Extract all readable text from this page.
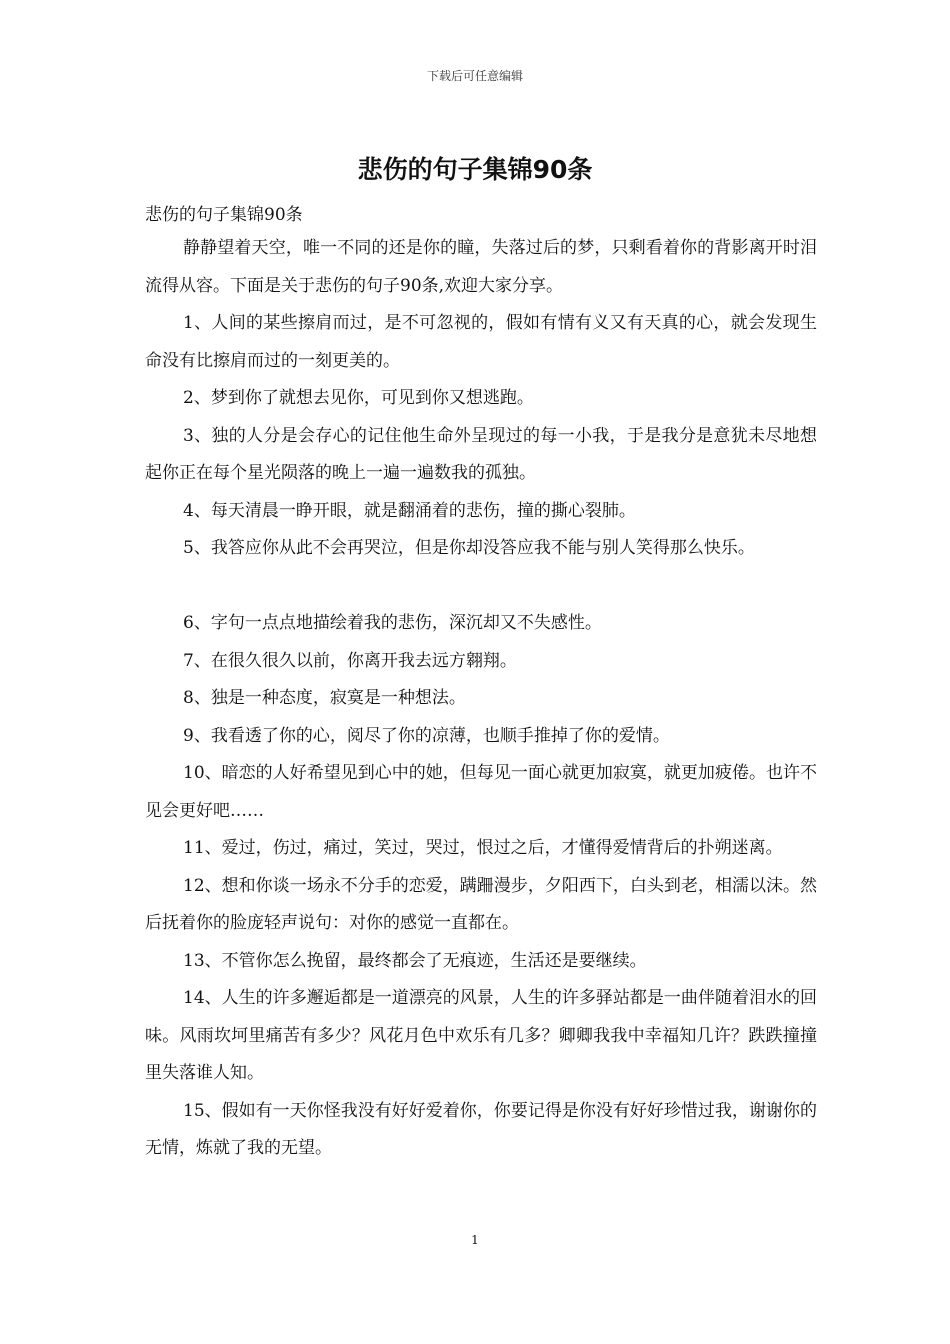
下载后可任意编辑
悲伤的句子集锦90条
悲伤的句子集锦90条

静静望着天空，唯一不同的还是你的瞳，失落过后的梦，只剩看着你的背影离开时泪流得从容。下面是关于悲伤的句子90条,欢迎大家分享。

1、人间的某些擦肩而过，是不可忽视的，假如有情有义又有天真的心，就会发现生命没有比擦肩而过的一刻更美的。

2、梦到你了就想去见你，可见到你又想逃跑。

3、独的人分是会存心的记住他生命外呈现过的每一小我，于是我分是意犹未尽地想起你正在每个星光陨落的晚上一遍一遍数我的孤独。

4、每天清晨一睁开眼，就是翻涌着的悲伤，撞的撕心裂肺。

5、我答应你从此不会再哭泣，但是你却没答应我不能与别人笑得那么快乐。

6、字句一点点地描绘着我的悲伤，深沉却又不失感性。

7、在很久很久以前，你离开我去远方翱翔。

8、独是一种态度，寂寞是一种想法。

9、我看透了你的心，阅尽了你的凉薄，也顺手推掉了你的爱情。

10、暗恋的人好希望见到心中的她，但每见一面心就更加寂寞，就更加疲倦。也许不见会更好吧……

11、爱过，伤过，痛过，笑过，哭过，恨过之后，才懂得爱情背后的扑朔迷离。

12、想和你谈一场永不分手的恋爱，蹒跚漫步，夕阳西下，白头到老，相濡以沫。然后抚着你的脸庞轻声说句：对你的感觉一直都在。

13、不管你怎么挽留，最终都会了无痕迹，生活还是要继续。

14、人生的许多邂逅都是一道漂亮的风景，人生的许多驿站都是一曲伴随着泪水的回味。风雨坎坷里痛苦有多少？风花月色中欢乐有几多？卿卿我我中幸福知几许？跌跌撞撞里失落谁人知。

15、假如有一天你怪我没有好好爱着你，你要记得是你没有好好珍惜过我，谢谢你的无情，炼就了我的无望。

1
